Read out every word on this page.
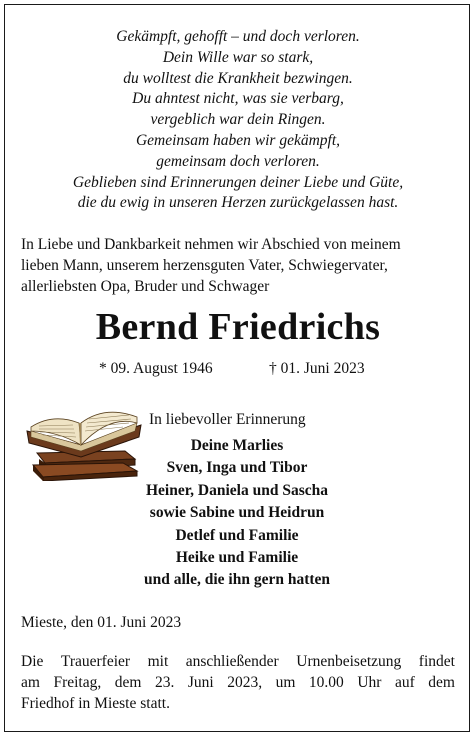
Gekämpft, gehofft – und doch verloren.
Dein Wille war so stark,
du wolltest die Krankheit bezwingen.
Du ahntest nicht, was sie verbarg,
vergeblich war dein Ringen.
Gemeinsam haben wir gekämpft,
gemeinsam doch verloren.
Geblieben sind Erinnerungen deiner Liebe und Güte,
die du ewig in unseren Herzen zurückgelassen hast.
In Liebe und Dankbarkeit nehmen wir Abschied von meinem
lieben Mann, unserem herzensguten Vater, Schwiegervater,
allerliebsten Opa, Bruder und Schwager
Bernd Friedrichs
* 09. August 1946	† 01. Juni 2023
In liebevoller Erinnerung
Deine Marlies
Sven, Inga und Tibor
Heiner, Daniela und Sascha
sowie Sabine und Heidrun
Detlef und Familie
Heike und Familie
und alle, die ihn gern hatten
Mieste, den 01. Juni 2023
Die Trauerfeier mit anschließender Urnenbeisetzung findet
am Freitag, dem 23. Juni 2023, um 10.00 Uhr auf dem
Friedhof in Mieste statt.
